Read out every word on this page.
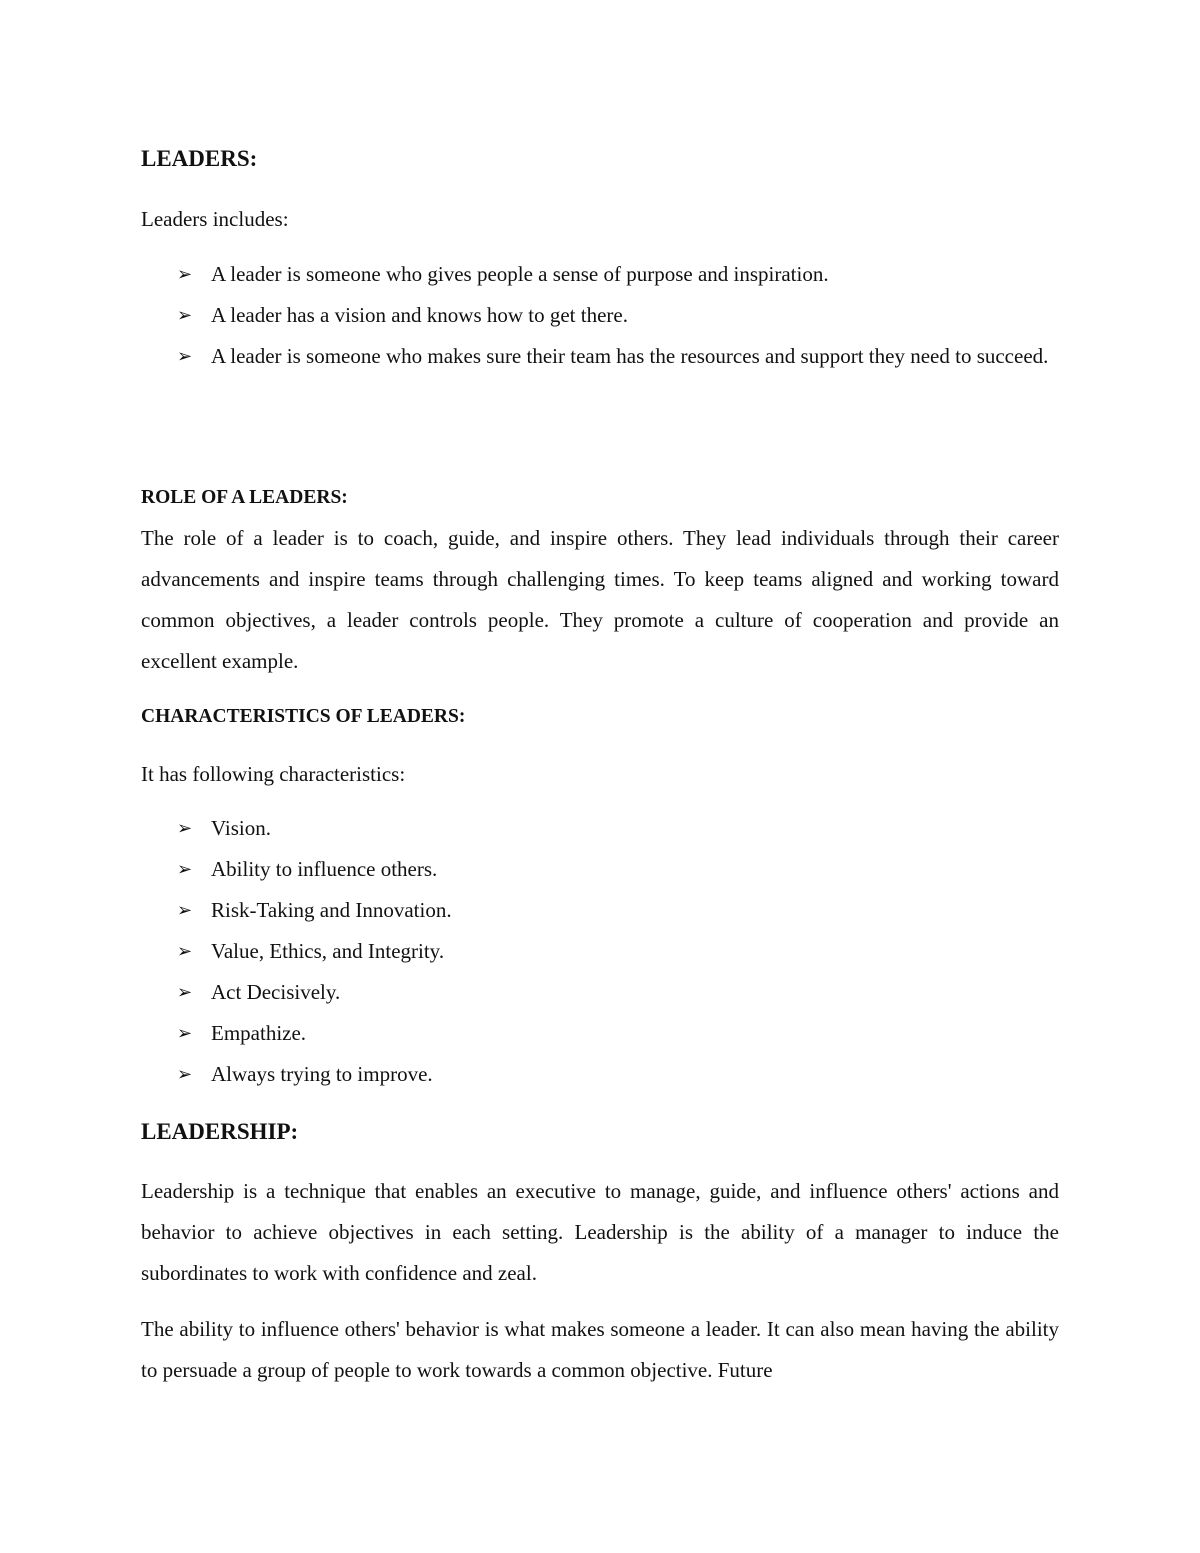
LEADERS:

Leaders includes:

➢ A leader is someone who gives people a sense of purpose and inspiration.
➢ A leader has a vision and knows how to get there.
➢ A leader is someone who makes sure their team has the resources and support they need to succeed.
ROLE OF A LEADERS:

The role of a leader is to coach, guide, and inspire others. They lead individuals through their career advancements and inspire teams through challenging times. To keep teams aligned and working toward common objectives, a leader controls people. They promote a culture of cooperation and provide an excellent example.

CHARACTERISTICS OF LEADERS:

It has following characteristics:

➢ Vision.
➢ Ability to influence others.
➢ Risk-Taking and Innovation.
➢ Value, Ethics, and Integrity.
➢ Act Decisively.
➢ Empathize.
➢ Always trying to improve.
LEADERSHIP:

Leadership is a technique that enables an executive to manage, guide, and influence others' actions and behavior to achieve objectives in each setting. Leadership is the ability of a manager to induce the subordinates to work with confidence and zeal.

The ability to influence others' behavior is what makes someone a leader. It can also mean having the ability to persuade a group of people to work towards a common objective. Future
